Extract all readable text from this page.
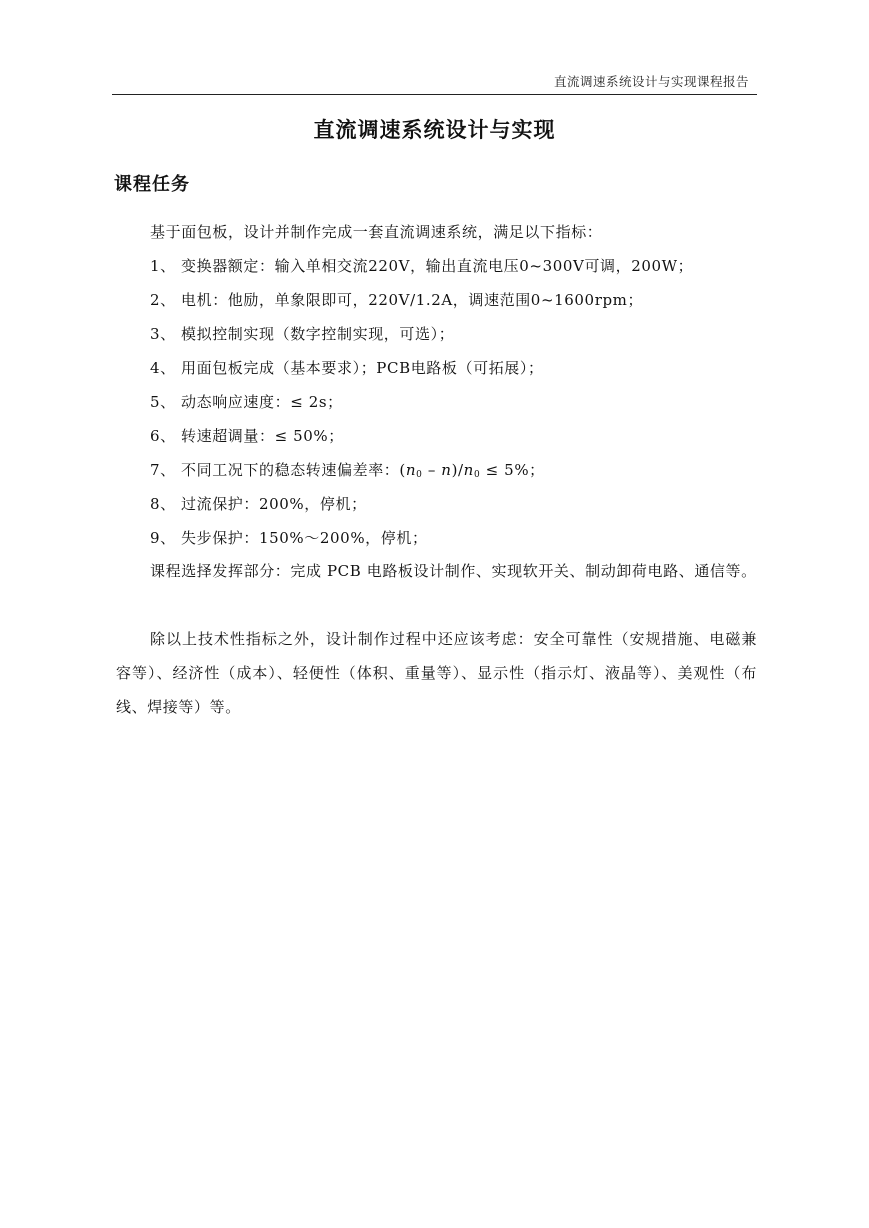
直流调速系统设计与实现课程报告
直流调速系统设计与实现
课程任务
基于面包板，设计并制作完成一套直流调速系统，满足以下指标：
1、 变换器额定：输入单相交流220V，输出直流电压0~300V可调，200W；
2、 电机：他励，单象限即可，220V/1.2A，调速范围0~1600rpm；
3、 模拟控制实现（数字控制实现，可选）；
4、 用面包板完成（基本要求）；PCB电路板（可拓展）；
5、 动态响应速度：≤ 2s；
6、 转速超调量：≤ 50%；
7、 不同工况下的稳态转速偏差率：$(n_0 - n)/n_0 \le 5\%$；
8、 过流保护：200%，停机；
9、 失步保护：150%～200%，停机；
课程选择发挥部分：完成 PCB 电路板设计制作、实现软开关、制动卸荷电路、通信等。
除以上技术性指标之外，设计制作过程中还应该考虑：安全可靠性（安规措施、电磁兼容等）、经济性（成本）、轻便性（体积、重量等）、显示性（指示灯、液晶等）、美观性（布线、焊接等）等。
